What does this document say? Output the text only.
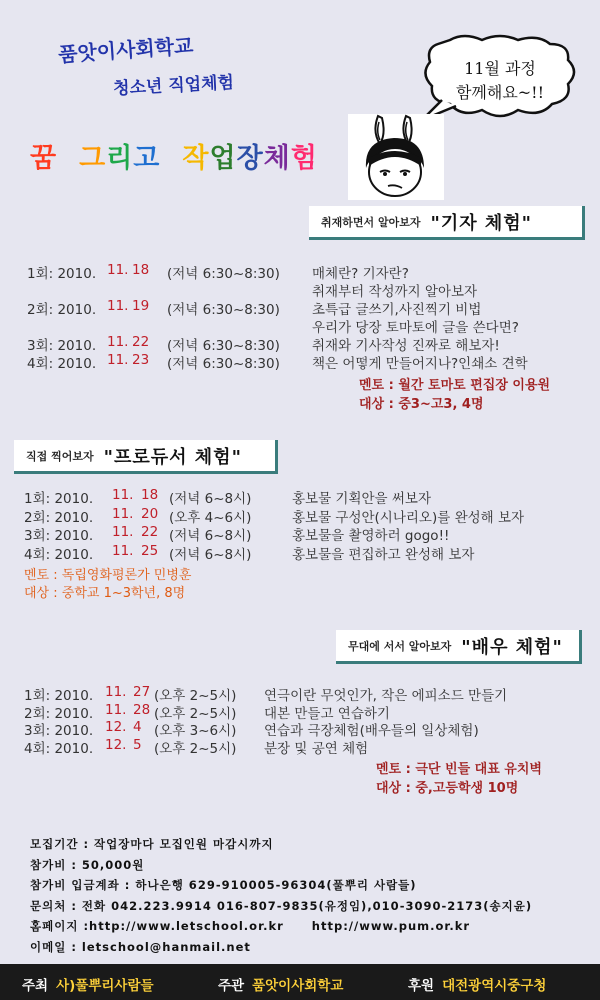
품앗이사회학교
청소년 직업체험
꿈 그리고 작업장체험
11월 과정
함께해요~!!
취재하면서 알아보자 "기자 체험"
1회: 2010. 11. 18 (저녁 6:30~8:30) 매체란? 기자란?
취재부터 작성까지 알아보자
2회: 2010. 11. 19 (저녁 6:30~8:30) 초특급 글쓰기,사진찍기 비법
우리가 당장 토마토에 글을 쓴다면?
3회: 2010. 11. 22 (저녁 6:30~8:30) 취재와 기사작성 진짜로 해보자!
4회: 2010. 11. 23 (저녁 6:30~8:30) 책은 어떻게 만들어지나?인쇄소 견학
멘토 : 월간 토마토 편집장 이용원
대상 : 중3~고3, 4명
직접 찍어보자 "프로듀서 체험"
1회: 2010. 11. 18 (저녁 6~8시)	홍보물 기획안을 써보자
2회: 2010. 11. 20 (오후 4~6시)	홍보물 구성안(시나리오)를 완성해 보자
3회: 2010. 11. 22 (저녁 6~8시)	홍보물을 촬영하러 gogo!!
4회: 2010. 11. 25 (저녁 6~8시)	홍보물을 편집하고 완성해 보자
멘토 : 독립영화평론가 민병훈
대상 : 중학교 1~3학년, 8명
무대에 서서 알아보자 "배우 체험"
1회: 2010. 11. 27 (오후 2~5시) 연극이란 무엇인가, 작은 에피소드 만들기
2회: 2010. 11. 28 (오후 2~5시) 대본 만들고 연습하기
3회: 2010. 12. 4 (오후 3~6시) 연습과 극장체험(배우들의 일상체험)
4회: 2010. 12. 5 (오후 2~5시) 분장 및 공연 체험
멘토 : 극단 빈들 대표 유치벽
대상 : 중,고등학생 10명
모집기간 : 작업장마다 모집인원 마감시까지
참가비 : 50,000원
참가비 입금계좌 : 하나은행 629-910005-96304(풀뿌리 사람들)
문의처 : 전화 042.223.9914 016-807-9835(유정임),010-3090-2173(송지윤)
홈페이지 :http://www.letschool.or.kr http://www.pum.or.kr
이메일 : letschool@hanmail.net
주최 사)풀뿌리사람들	주관 품앗이사회학교	후원 대전광역시중구청
